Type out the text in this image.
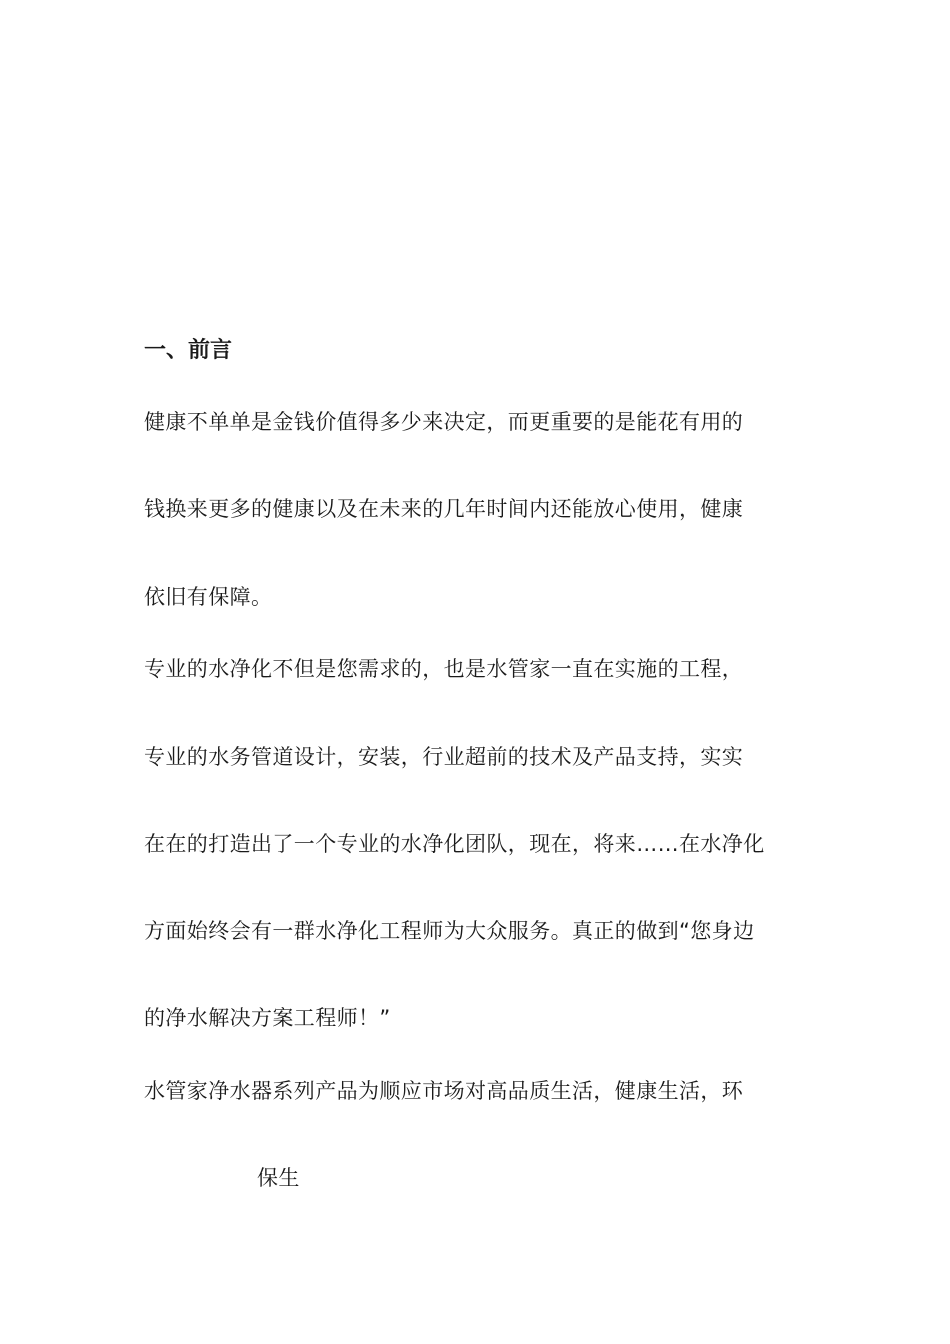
一、前言
健康不单单是金钱价值得多少来决定，而更重要的是能花有用的
钱换来更多的健康以及在未来的几年时间内还能放心使用，健康
依旧有保障。
专业的水净化不但是您需求的，也是水管家一直在实施的工程，
专业的水务管道设计，安装，行业超前的技术及产品支持，实实
在在的打造出了一个专业的水净化团队，现在，将来……在水净化
方面始终会有一群水净化工程师为大众服务。真正的做到“您身边
的净水解决方案工程师！”
水管家净水器系列产品为顺应市场对高品质生活，健康生活，环
保生
